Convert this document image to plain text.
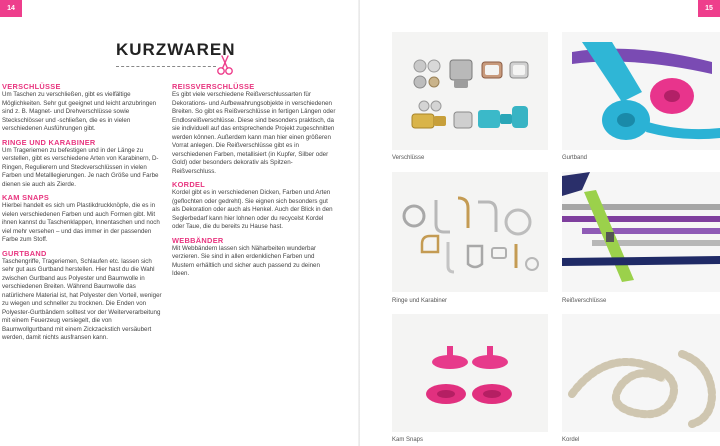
14
KURZWAREN
VERSCHLÜSSE
Um Taschen zu verschließen, gibt es vielfältige Möglichkeiten. Sehr gut geeignet und leicht anzubringen sind z. B. Magnet- und Drehverschlüsse sowie Steckschlösser und -schließen, die es in vielen verschiedenen Ausführungen gibt.
RINGE UND KARABINER
Um Trageriemen zu befestigen und in der Länge zu verstellen, gibt es verschiedene Arten von Karabinern, D-Ringen, Regulierern und Steckverschlüssen in vielen Farben und Metalllegierungen. Je nach Größe und Farbe dienen sie auch als Zierde.
KAM SNAPS
Hierbei handelt es sich um Plastikdruckknöpfe, die es in vielen verschiedenen Farben und auch Formen gibt. Mit ihnen kannst du Taschenklappen, Innentaschen und noch viel mehr versehen – und das immer in der passenden Farbe zum Stoff.
GURTBAND
Taschengriffe, Trageriemen, Schlaufen etc. lassen sich sehr gut aus Gurtband herstellen. Hier hast du die Wahl zwischen Gurtband aus Polyester und Baumwolle in verschiedenen Breiten. Während Baumwolle das natürlichere Material ist, hat Polyester den Vorteil, weniger zu wiegen und schneller zu trocknen. Die Enden von Polyester-Gurtbändern solltest vor der Weiterverarbeitung mit einem Feuerzeug versiegelt, die von Baumwollgurtband mit einem Zickzackstich versäubert werden, damit nichts ausfransen kann.
REISSVERSCHLÜSSE
Es gibt viele verschiedene Reißverschlussarten für Dekorations- und Aufbewahrungsobjekte in verschiedenen Breiten. So gibt es Reißverschlüsse in fertigen Längen oder Endlosreißverschlüsse. Diese sind besonders praktisch, da sie individuell auf das entsprechende Projekt zugeschnitten werden können. Außerdem kann man hier einen größeren Vorrat anlegen. Die Reißverschlüsse gibt es in verschiedenen Farben, metallisiert (in Kupfer, Silber oder Gold) oder besonders dekorativ als Spitzen-Reißverschluss.
KORDEL
Kordel gibt es in verschiedenen Dicken, Farben und Arten (geflochten oder gedreht). Sie eignen sich besonders gut als Dekoration oder auch als Henkel. Auch der Blick in den Seglerbedarf kann hier lohnen oder du recycelst Kordel oder Taue, die du bereits zu Hause hast.
WEBBÄNDER
Mit Webbändern lassen sich Näharbeiten wunderbar verzieren. Sie sind in allen erdenklichen Farben und Mustern erhältlich und sicher auch passend zu deinen Ideen.
15
Verschlüsse	Gurtband
Ringe und Karabiner	Reißverschlüsse
Kam Snaps	Kordel
